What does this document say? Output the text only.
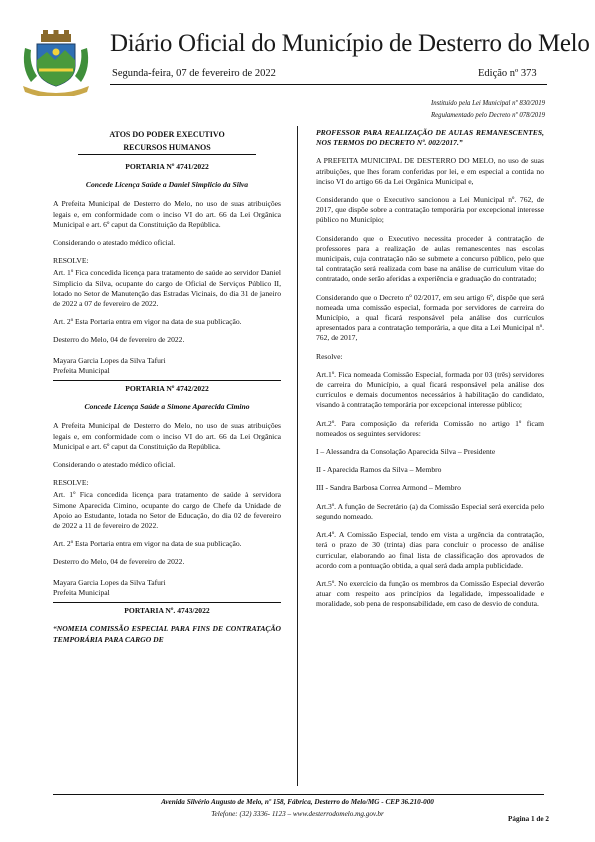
Diário Oficial do Município de Desterro do Melo
Segunda-feira, 07 de fevereiro de 2022	Edição nº 373
Instituído pela Lei Municipal nº 830/2019
Regulamentado pelo Decreto nº 078/2019
ATOS DO PODER EXECUTIVO
RECURSOS HUMANOS
PORTARIA Nº 4741/2022
Concede Licença Saúde a Daniel Simplicio da Silva

A Prefeita Municipal de Desterro do Melo, no uso de suas atribuições legais e, em conformidade com o inciso VI do art. 66 da Lei Orgânica Municipal e art. 6º caput da Constituição da República.

Considerando o atestado médico oficial.

RESOLVE:

Art. 1º Fica concedida licença para tratamento de saúde ao servidor Daniel Simplicio da Silva, ocupante do cargo de Oficial de Serviços Público II, lotado no Setor de Manutenção das Estradas Vicinais, do dia 31 de janeiro de 2022 a 07 de fevereiro de 2022.

Art. 2º Esta Portaria entra em vigor na data de sua publicação.

Desterro do Melo, 04 de fevereiro de 2022.

Mayara Garcia Lopes da Silva Tafuri
Prefeita Municipal
PORTARIA Nº 4742/2022
Concede Licença Saúde a Simone Aparecida Cimino

A Prefeita Municipal de Desterro do Melo, no uso de suas atribuições legais e, em conformidade com o inciso VI do art. 66 da Lei Orgânica Municipal e art. 6º caput da Constituição da República.

Considerando o atestado médico oficial.

RESOLVE:

Art. 1º Fica concedida licença para tratamento de saúde à servidora Simone Aparecida Cimino, ocupante do cargo de Chefe da Unidade de Apoio ao Estudante, lotada no Setor de Educação, do dia 02 de fevereiro de 2022 a 11 de fevereiro de 2022.

Art. 2º Esta Portaria entra em vigor na data de sua publicação.

Desterro do Melo, 04 de fevereiro de 2022.

Mayara Garcia Lopes da Silva Tafuri
Prefeita Municipal
PORTARIA Nº. 4743/2022

“NOMEIA COMISSÃO ESPECIAL PARA FINS DE CONTRATAÇÃO TEMPORÁRIA PARA CARGO DE

PROFESSOR PARA REALIZAÇÃO DE AULAS REMANESCENTES, NOS TERMOS DO DECRETO Nº. 002/2017.”

A PREFEITA MUNICIPAL DE DESTERRO DO MELO, no uso de suas atribuições, que lhes foram conferidas por lei, e em especial a contida no inciso VI do artigo 66 da Lei Orgânica Municipal e,

Considerando que o Executivo sancionou a Lei Municipal nº. 762, de 2017, que dispõe sobre a contratação temporária por excepcional interesse público no Município;

Considerando que o Executivo necessita proceder à contratação de professores para a realização de aulas remanescentes nas escolas municipais, cuja contratação não se submete a concurso público, pelo que tal contratação será realizada com base na análise de curriculum vitae do contratado, onde serão aferidas a experiência e graduação do contratado;

Considerando que o Decreto nº 02/2017, em seu artigo 6º, dispõe que será nomeada uma comissão especial, formada por servidores de carreira do Município, a qual ficará responsável pela análise dos currículos apresentados para a contratação temporária, a que dita a Lei Municipal nº. 762, de 2017,

Resolve:

Art.1º. Fica nomeada Comissão Especial, formada por 03 (três) servidores de carreira do Município, a qual ficará responsável pela análise dos currículos e demais documentos necessários à habilitação do candidato, visando à contratação temporária por excepcional interesse público;

Art.2º. Para composição da referida Comissão no artigo 1º ficam nomeados os seguintes servidores:

I – Alessandra da Consolação Aparecida Silva – Presidente

II - Aparecida Ramos da Silva – Membro

III - Sandra Barbosa Correa Armond – Membro

Art.3º. A função de Secretário (a) da Comissão Especial será exercida pelo segundo nomeado.

Art.4º. A Comissão Especial, tendo em vista a urgência da contratação, terá o prazo de 30 (trinta) dias para concluir o processo de análise curricular, elaborando ao final lista de classificação dos aprovados de acordo com a pontuação obtida, a qual será dada ampla publicidade.

Art.5º. No exercício da função os membros da Comissão Especial deverão atuar com respeito aos princípios da legalidade, impessoalidade e moralidade, sob pena de responsabilidade, em caso de desvio de conduta.

Avenida Silvério Augusto de Melo, nº 158, Fábrica, Desterro do Melo/MG - CEP 36.210-000
Telefone: (32) 3336- 1123 – www.desterrodomelo.mg.gov.br
Página 1 de 2
